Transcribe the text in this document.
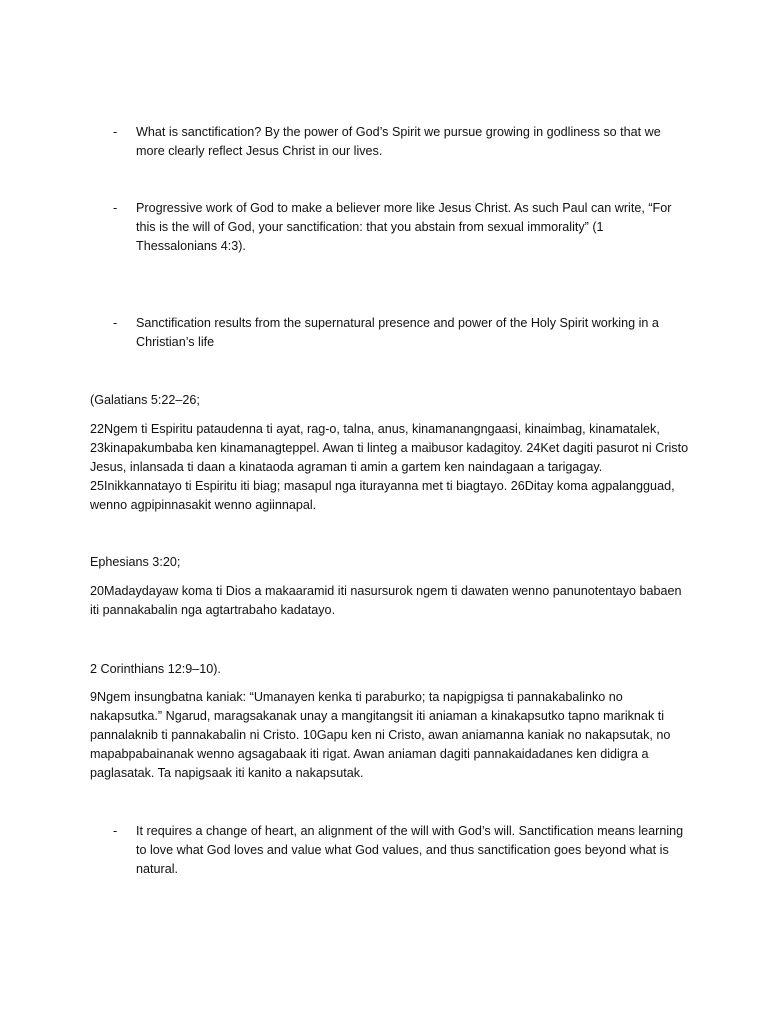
-	What is sanctification? By the power of God’s Spirit we pursue growing in godliness so that we more clearly reflect Jesus Christ in our lives.

-	Progressive work of God to make a believer more like Jesus Christ. As such Paul can write, “For this is the will of God, your sanctification: that you abstain from sexual immorality” (1 Thessalonians 4:3).

-	Sanctification results from the supernatural presence and power of the Holy Spirit working in a Christian’s life

(Galatians 5:22–26;

22Ngem ti Espiritu pataudenna ti ayat, rag-o, talna, anus, kinamanangngaasi, kinaimbag, kinamatalek, 23kinapakumbaba ken kinamanagteppel. Awan ti linteg a maibusor kadagitoy. 24Ket dagiti pasurot ni Cristo Jesus, inlansada ti daan a kinataoda agraman ti amin a gartem ken naindagaan a tarigagay. 25Inikkannatayo ti Espiritu iti biag; masapul nga iturayanna met ti biagtayo. 26Ditay koma agpalangguad, wenno agpipinnasakit wenno agiinnapal.

Ephesians 3:20;

20Madaydayaw koma ti Dios a makaaramid iti nasursurok ngem ti dawaten wenno panunotentayo babaen iti pannakabalin nga agtartrabaho kadatayo.

2 Corinthians 12:9–10).

9Ngem insungbatna kaniak: “Umanayen kenka ti paraburko; ta napigpigsa ti pannakabalinko no nakapsutka.” Ngarud, maragsakanak unay a mangitangsit iti aniaman a kinakapsutko tapno mariknak ti pannalaknib ti pannakabalin ni Cristo. 10Gapu ken ni Cristo, awan aniamanna kaniak no nakapsutak, no mapabpabainanak wenno agsagabaak iti rigat. Awan aniaman dagiti pannakaidadanes ken didigra a paglasatak. Ta napigsaak iti kanito a nakapsutak.

-	It requires a change of heart, an alignment of the will with God’s will. Sanctification means learning to love what God loves and value what God values, and thus sanctification goes beyond what is natural.
